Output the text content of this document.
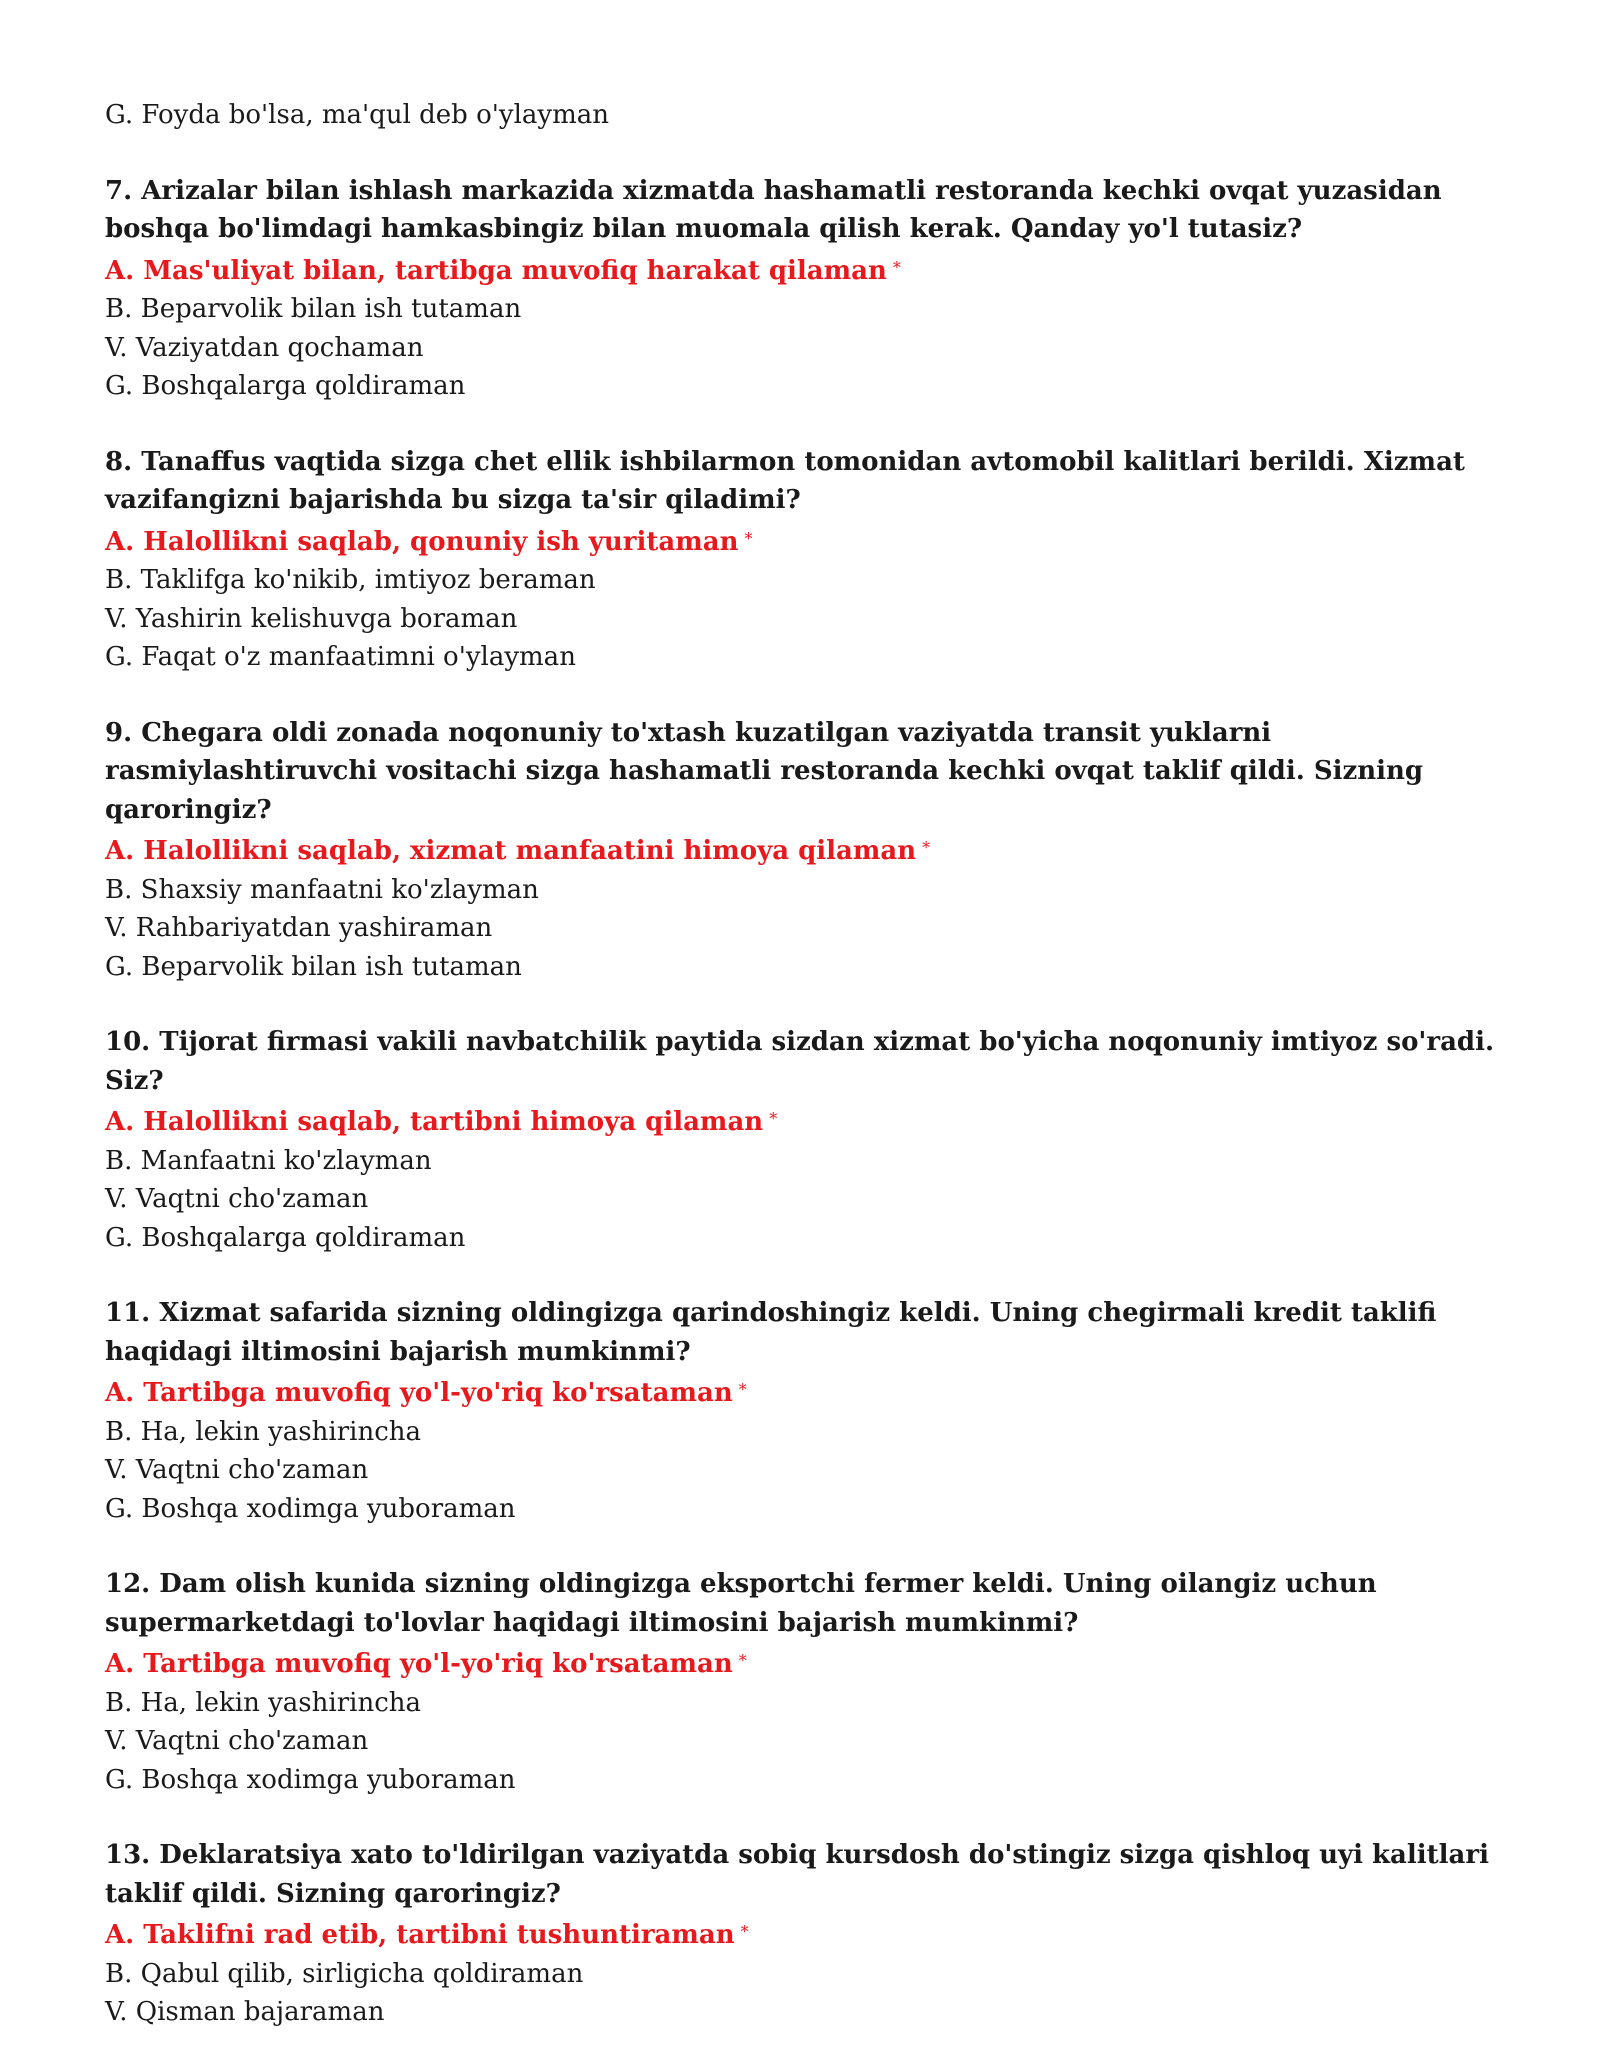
G. Foyda bo'lsa, ma'qul deb o'ylayman

7. Arizalar bilan ishlash markazida xizmatda hashamatli restoranda kechki ovqat yuzasidan boshqa bo'limdagi hamkasbingiz bilan muomala qilish kerak. Qanday yo'l tutasiz?

A. Mas'uliyat bilan, tartibga muvofiq harakat qilaman *

B. Beparvolik bilan ish tutaman

V. Vaziyatdan qochaman

G. Boshqalarga qoldiraman

8. Tanaffus vaqtida sizga chet ellik ishbilarmon tomonidan avtomobil kalitlari berildi. Xizmat vazifangizni bajarishda bu sizga ta'sir qiladimi?

A. Halollikni saqlab, qonuniy ish yuritaman *

B. Taklifga ko'nikib, imtiyoz beraman

V. Yashirin kelishuvga boraman

G. Faqat o'z manfaatimni o'ylayman

9. Chegara oldi zonada noqonuniy to'xtash kuzatilgan vaziyatda transit yuklarni rasmiylashtiruvchi vositachi sizga hashamatli restoranda kechki ovqat taklif qildi. Sizning qaroringiz?

A. Halollikni saqlab, xizmat manfaatini himoya qilaman *

B. Shaxsiy manfaatni ko'zlayman

V. Rahbariyatdan yashiraman

G. Beparvolik bilan ish tutaman

10. Tijorat firmasi vakili navbatchilik paytida sizdan xizmat bo'yicha noqonuniy imtiyoz so'radi. Siz?

A. Halollikni saqlab, tartibni himoya qilaman *

B. Manfaatni ko'zlayman

V. Vaqtni cho'zaman

G. Boshqalarga qoldiraman

11. Xizmat safarida sizning oldingizga qarindoshingiz keldi. Uning chegirmali kredit taklifi haqidagi iltimosini bajarish mumkinmi?

A. Tartibga muvofiq yo'l-yo'riq ko'rsataman *

B. Ha, lekin yashirincha

V. Vaqtni cho'zaman

G. Boshqa xodimga yuboraman

12. Dam olish kunida sizning oldingizga eksportchi fermer keldi. Uning oilangiz uchun supermarketdagi to'lovlar haqidagi iltimosini bajarish mumkinmi?

A. Tartibga muvofiq yo'l-yo'riq ko'rsataman *

B. Ha, lekin yashirincha

V. Vaqtni cho'zaman

G. Boshqa xodimga yuboraman

13. Deklaratsiya xato to'ldirilgan vaziyatda sobiq kursdosh do'stingiz sizga qishloq uyi kalitlari taklif qildi. Sizning qaroringiz?

A. Taklifni rad etib, tartibni tushuntiraman *

B. Qabul qilib, sirligicha qoldiraman

V. Qisman bajaraman
